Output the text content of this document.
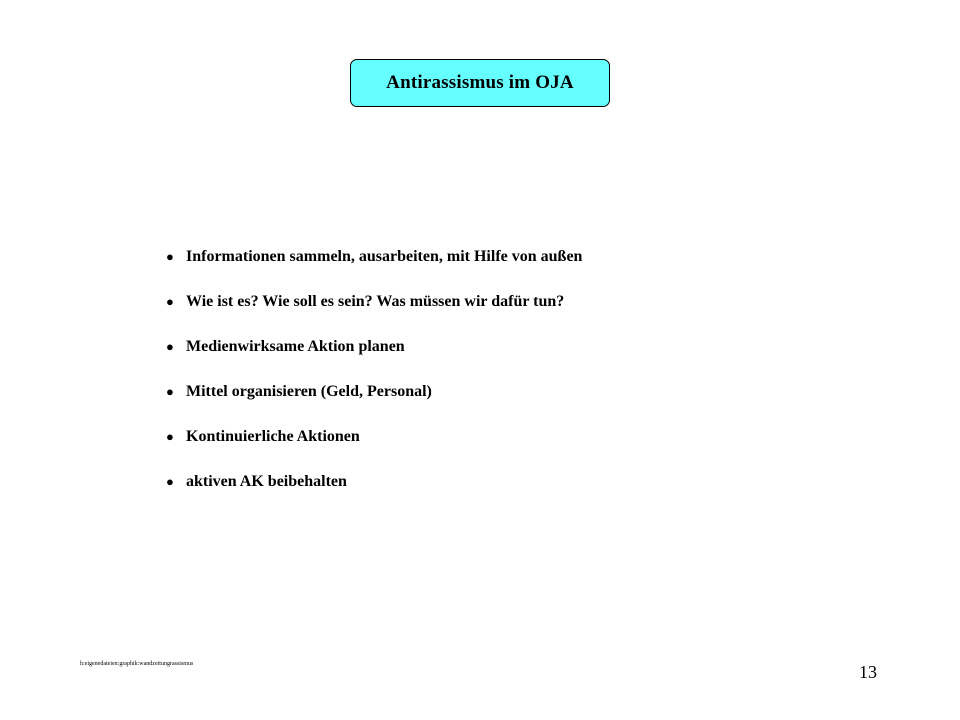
Antirassismus im OJA
● Informationen sammeln, ausarbeiten, mit Hilfe von außen
● Wie ist es? Wie soll es sein? Was müssen wir dafür tun?
● Medienwirksame Aktion planen
● Mittel organisieren (Geld, Personal)
● Kontinuierliche Aktionen
● aktiven AK beibehalten
h:eigenedateien:graphik:wandzeitungrassismus	13
